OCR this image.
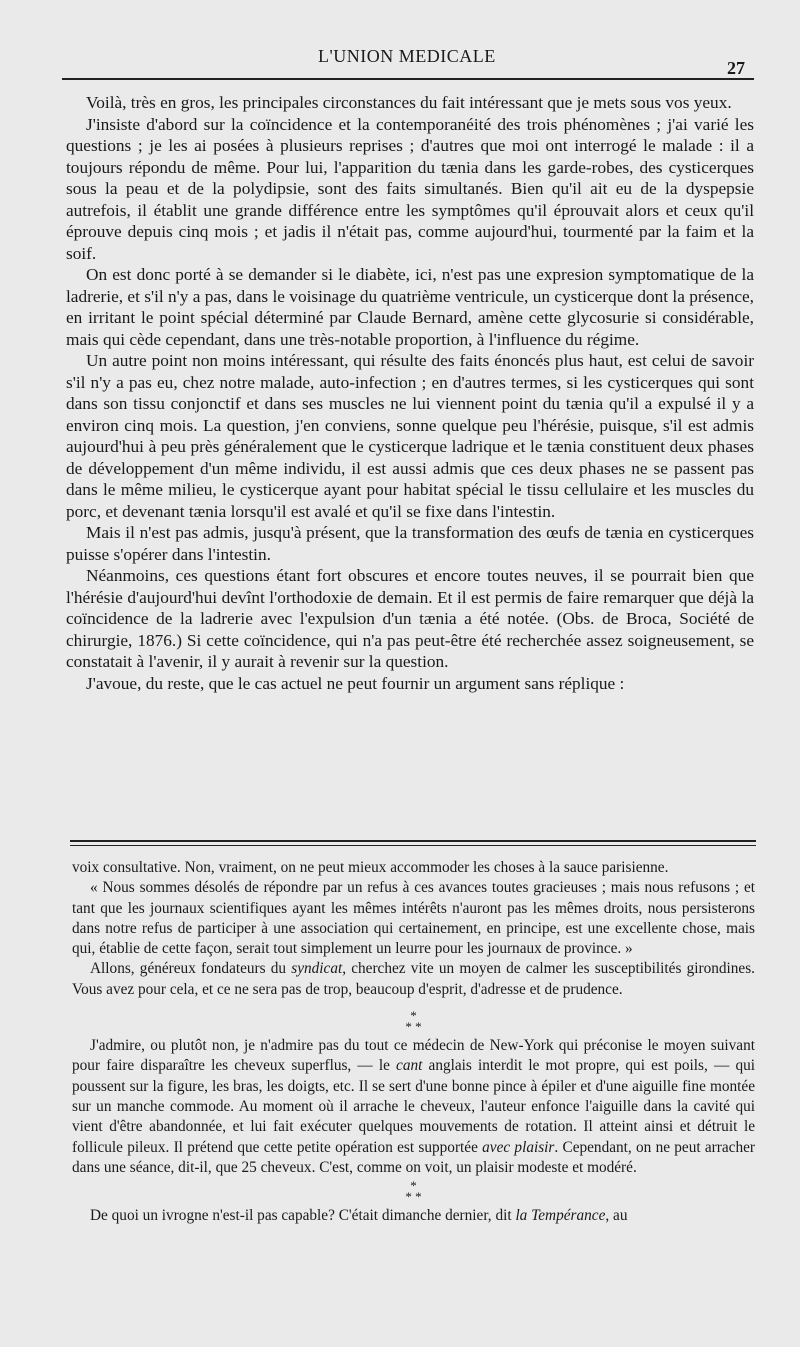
L'UNION MEDICALE
27

Voilà, très en gros, les principales circonstances du fait intéressant que je mets sous vos yeux.

J'insiste d'abord sur la coïncidence et la contemporanéité des trois phénomènes ; j'ai varié les questions ; je les ai posées à plusieurs reprises ; d'autres que moi ont interrogé le malade : il a toujours répondu de même. Pour lui, l'apparition du tænia dans les garde-robes, des cysticerques sous la peau et de la polydipsie, sont des faits simultanés. Bien qu'il ait eu de la dyspepsie autrefois, il établit une grande différence entre les symptômes qu'il éprouvait alors et ceux qu'il éprouve depuis cinq mois ; et jadis il n'était pas, comme aujourd'hui, tourmenté par la faim et la soif.

On est donc porté à se demander si le diabète, ici, n'est pas une expresion symptomatique de la ladrerie, et s'il n'y a pas, dans le voisinage du quatrième ventricule, un cysticerque dont la présence, en irritant le point spécial déterminé par Claude Bernard, amène cette glycosurie si considérable, mais qui cède cependant, dans une très-notable proportion, à l'influence du régime.

Un autre point non moins intéressant, qui résulte des faits énoncés plus haut, est celui de savoir s'il n'y a pas eu, chez notre malade, auto-infection ; en d'autres termes, si les cysticerques qui sont dans son tissu conjonctif et dans ses muscles ne lui viennent point du tænia qu'il a expulsé il y a environ cinq mois. La question, j'en conviens, sonne quelque peu l'hérésie, puisque, s'il est admis aujourd'hui à peu près généralement que le cysticerque ladrique et le tænia constituent deux phases de développement d'un même individu, il est aussi admis que ces deux phases ne se passent pas dans le même milieu, le cysticerque ayant pour habitat spécial le tissu cellulaire et les muscles du porc, et devenant tænia lorsqu'il est avalé et qu'il se fixe dans l'intestin.

Mais il n'est pas admis, jusqu'à présent, que la transformation des œufs de tænia en cysticerques puisse s'opérer dans l'intestin.

Néanmoins, ces questions étant fort obscures et encore toutes neuves, il se pourrait bien que l'hérésie d'aujourd'hui devînt l'orthodoxie de demain. Et il est permis de faire remarquer que déjà la coïncidence de la ladrerie avec l'expulsion d'un tænia a été notée. (Obs. de Broca, Société de chirurgie, 1876.) Si cette coïncidence, qui n'a pas peut-être été recherchée assez soigneusement, se constatait à l'avenir, il y aurait à revenir sur la question.

J'avoue, du reste, que le cas actuel ne peut fournir un argument sans réplique :

voix consultative. Non, vraiment, on ne peut mieux accommoder les choses à la sauce parisienne.

« Nous sommes désolés de répondre par un refus à ces avances toutes gracieuses ; mais nous refusons ; et tant que les journaux scientifiques ayant les mêmes intérêts n'auront pas les mêmes droits, nous persisterons dans notre refus de participer à une association qui certainement, en principe, est une excellente chose, mais qui, établie de cette façon, serait tout simplement un leurre pour les journaux de province. »

Allons, généreux fondateurs du syndicat, cherchez vite un moyen de calmer les susceptibilités girondines. Vous avez pour cela, et ce ne sera pas de trop, beaucoup d'esprit, d'adresse et de prudence.

*
* *

J'admire, ou plutôt non, je n'admire pas du tout ce médecin de New-York qui préconise le moyen suivant pour faire disparaître les cheveux superflus, — le cant anglais interdit le mot propre, qui est poils, — qui poussent sur la figure, les bras, les doigts, etc. Il se sert d'une bonne pince à épiler et d'une aiguille fine montée sur un manche commode. Au moment où il arrache le cheveux, l'auteur enfonce l'aiguille dans la cavité qui vient d'être abandonnée, et lui fait exécuter quelques mouvements de rotation. Il atteint ainsi et détruit le follicule pileux. Il prétend que cette petite opération est supportée avec plaisir. Cependant, on ne peut arracher dans une séance, dit-il, que 25 cheveux. C'est, comme on voit, un plaisir modeste et modéré.

*
* *

De quoi un ivrogne n'est-il pas capable? C'était dimanche dernier, dit la Tempérance, au
